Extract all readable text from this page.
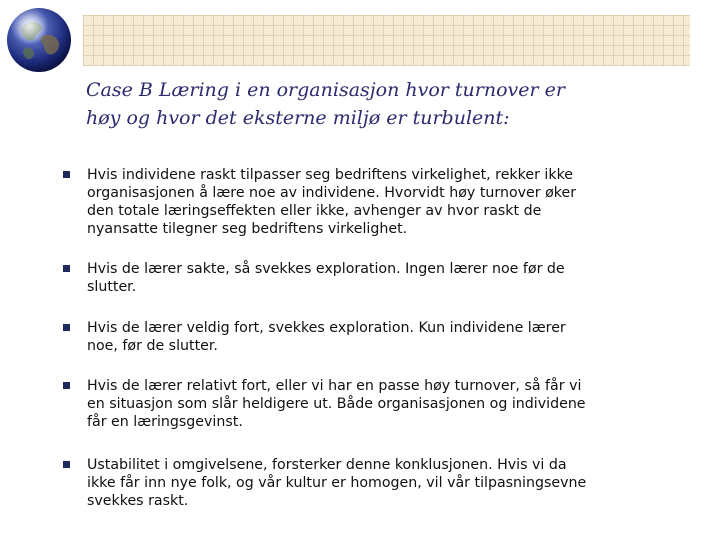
Case B Læring i en organisasjon hvor turnover er
høy og hvor det eksterne miljø er turbulent:
Hvis individene raskt tilpasser seg bedriftens virkelighet, rekker ikke
organisasjonen å lære noe av individene. Hvorvidt høy turnover øker
den totale læringseffekten eller ikke, avhenger av hvor raskt de
nyansatte tilegner seg bedriftens virkelighet.
Hvis de lærer sakte, så svekkes exploration. Ingen lærer noe før de
slutter.
Hvis de lærer veldig fort, svekkes exploration. Kun individene lærer
noe, før de slutter.
Hvis de lærer relativt fort, eller vi har en passe høy turnover, så får vi
en situasjon som slår heldigere ut. Både organisasjonen og individene
får en læringsgevinst.
Ustabilitet i omgivelsene, forsterker denne konklusjonen. Hvis vi da
ikke får inn nye folk, og vår kultur er homogen, vil vår tilpasningsevne
svekkes raskt.
